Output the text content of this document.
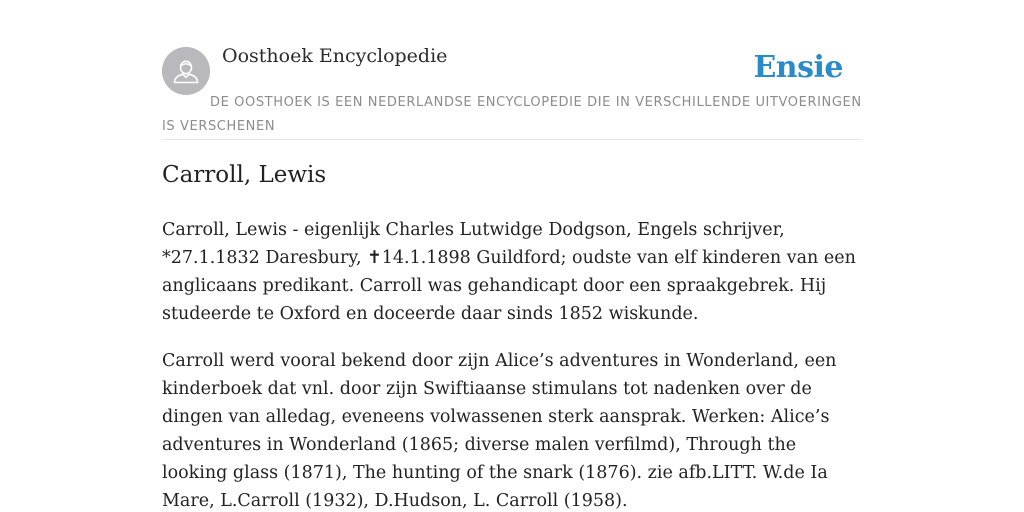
Oosthoek Encyclopedie	Ensie
DE OOSTHOEK IS EEN NEDERLANDSE ENCYCLOPEDIE DIE IN VERSCHILLENDE UITVOERINGEN IS VERSCHENEN
Carroll, Lewis

Carroll, Lewis - eigenlijk Charles Lutwidge Dodgson, Engels schrijver, *27.1.1832 Daresbury, ✝14.1.1898 Guildford; oudste van elf kinderen van een anglicaans predikant. Carroll was gehandicapt door een spraakgebrek. Hij studeerde te Oxford en doceerde daar sinds 1852 wiskunde.

Carroll werd vooral bekend door zijn Alice’s adventures in Wonderland, een kinderboek dat vnl. door zijn Swiftiaanse stimulans tot nadenken over de dingen van alledag, eveneens volwassenen sterk aansprak. Werken: Alice’s adventures in Wonderland (1865; diverse malen verfilmd), Through the looking glass (1871), The hunting of the snark (1876). zie afb.LITT. W.de Ia Mare, L.Carroll (1932), D.Hudson, L. Carroll (1958).
